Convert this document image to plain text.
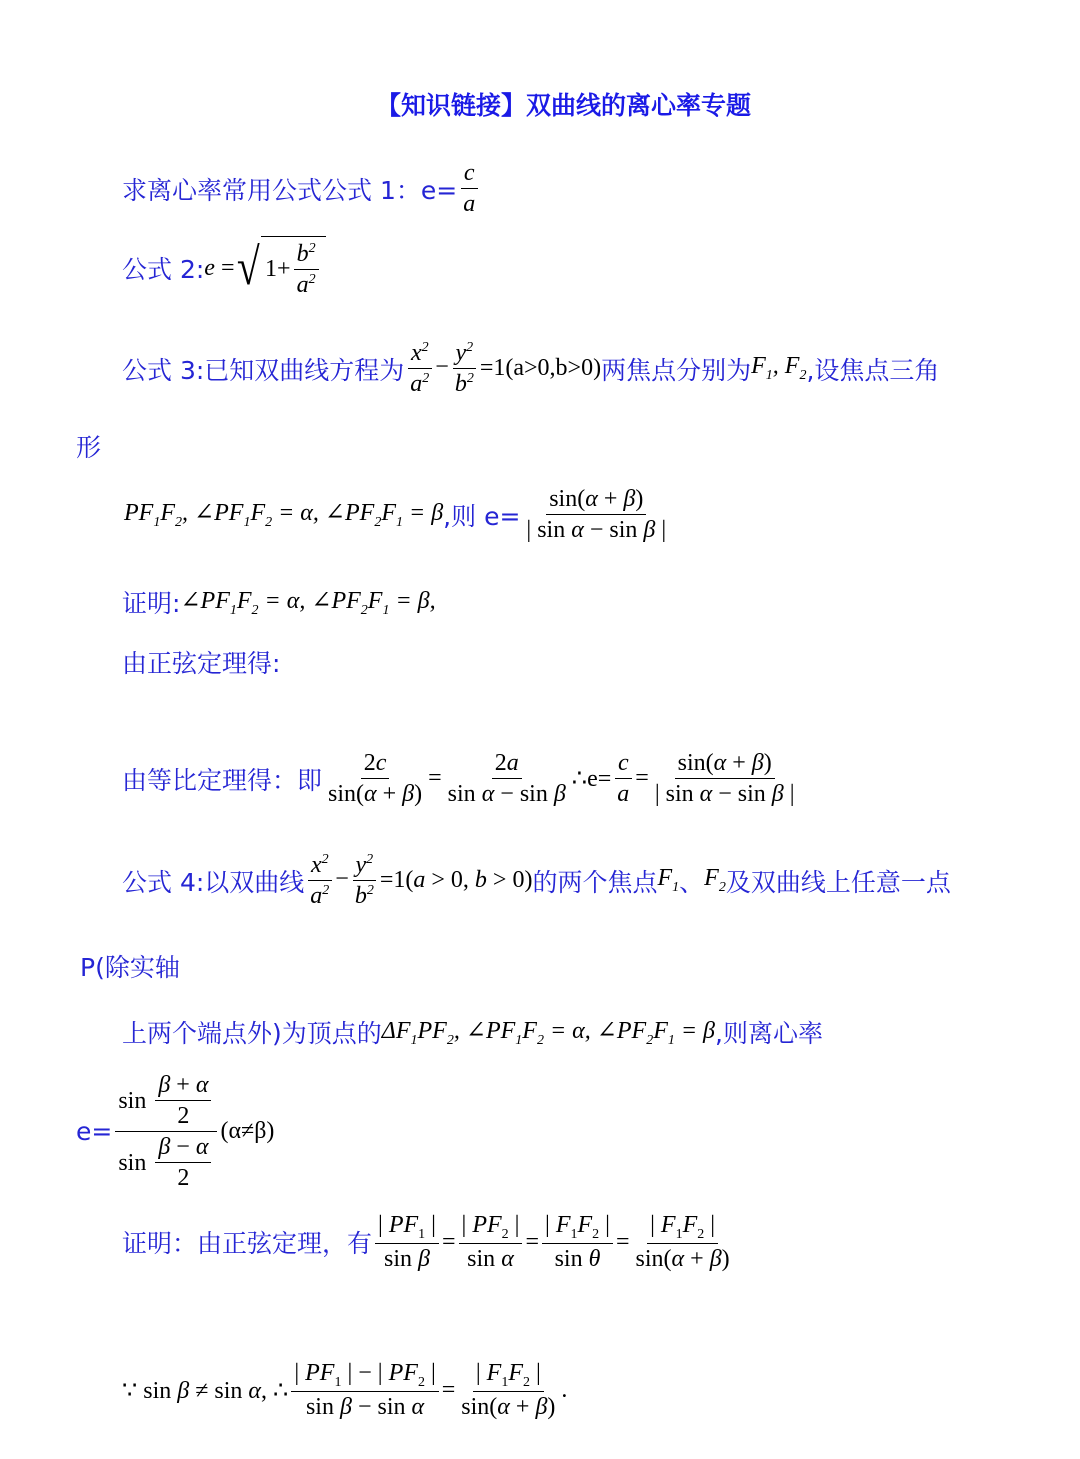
【知识链接】双曲线的离心率专题
求离心率常用公式公式 1：$e= \frac{c}{a}$
公式 2: e = √ $1+ \frac{b^2}{a^2}$
公式 3:已知双曲线方程为 $\frac{x^2}{a^2} - \frac{y^2}{b^2} =1(a>0,b>0)$ 两焦点分别为 $F_1$, $F_2$ ,设焦点三角
形
$PF_1F_2$, $\angle PF_1F_2 = \alpha$, $\angle PF_2F_1 = \beta$ ,则 $e= \frac{\sin(\alpha + \beta)}{\text{| sin α − sin β |}}$
证明: $\angle PF_1F_2 = \alpha$, $\angle PF_2F_1 = \beta$,
由正弦定理得:
由等比定理得：即 $\frac{2c}{\sin(\alpha + \beta)} = \frac{2a}{\text{sin α − sin β}}$ ∴e= $\frac{c}{a} = \frac{\sin(\alpha + \beta)}{\text{| sin α − sin β |}}$
公式 4:以双曲线 $\frac{x^2}{a^2} - \frac{y^2}{b^2} =1(a > 0$, b > 0) 的两个焦点 $F_1$ 、 $F_2$ 及双曲线上任意一点
P(除实轴
上两个端点外)为顶点的 $\Delta F_1PF_2$, $\angle PF_1F_2 = \alpha$, $\angle PF_2F_1 = \beta$ ,则离心率
$e= \frac{\sin \frac{\beta + \alpha}{2}}{\sin \frac{\beta - \alpha}{2}} (\alpha\ne\beta)$
证明：由正弦定理，有 $\frac{| PF_1 |}{\text{sin β}} = \frac{| PF_2 |}{\text{sin α}} = \frac{| F_1F_2 |}{\text{sin θ}} = \frac{| F_1F_2 |}{\sin(\alpha + \beta)}$
∵ sin β ≠ sin α, ∴ $\frac{| PF_1 | - | PF_2 |}{\text{sin β − sin α}} = \frac{| F_1F_2 |}{\sin(\alpha + \beta)}$ .
